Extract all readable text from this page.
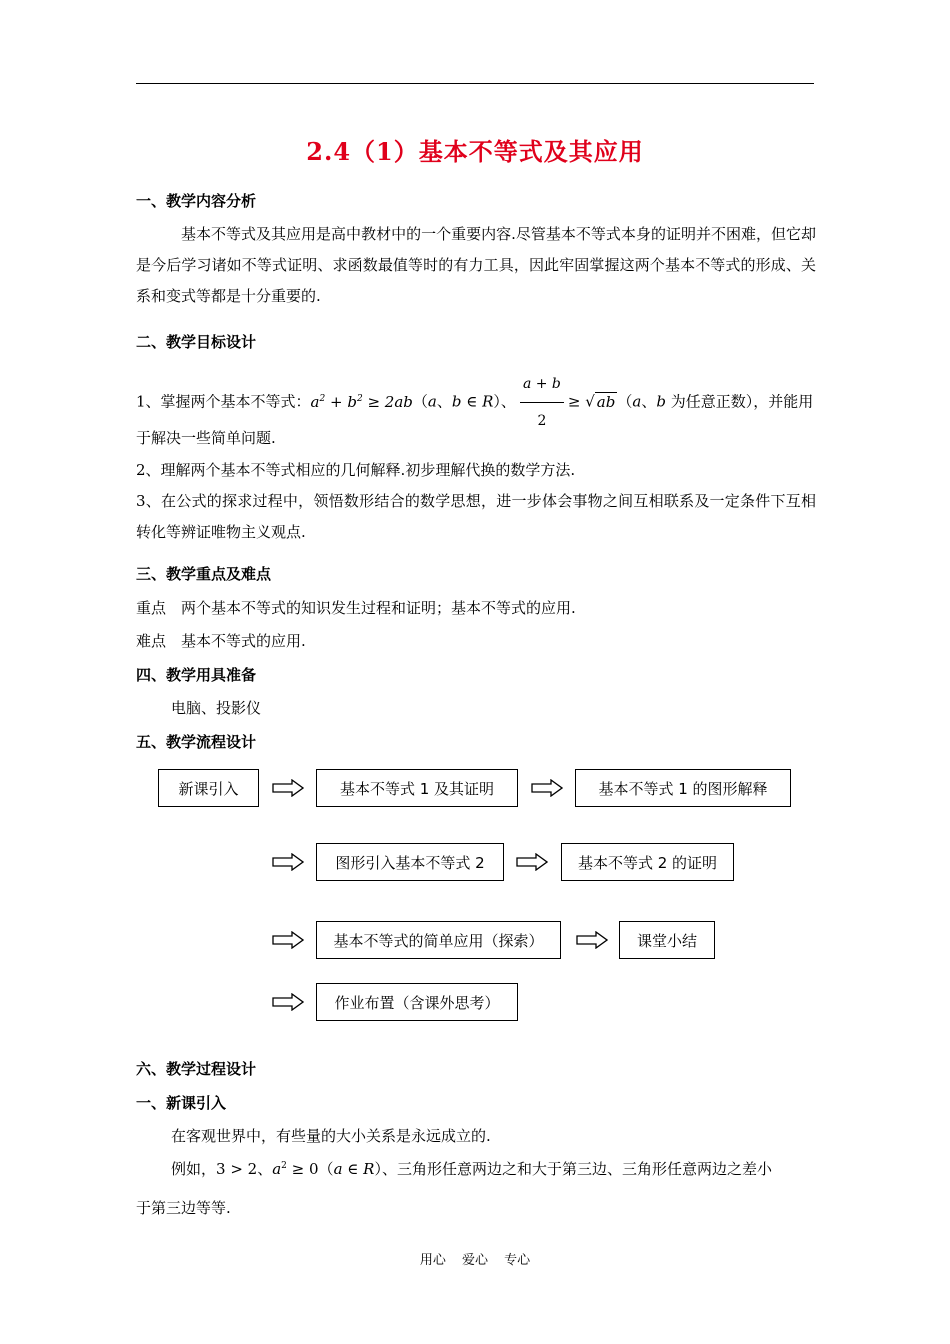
2.4（1）基本不等式及其应用
一、教学内容分析
基本不等式及其应用是高中教材中的一个重要内容.尽管基本不等式本身的证明并不困难，但它却是今后学习诸如不等式证明、求函数最值等时的有力工具，因此牢固掌握这两个基本不等式的形成、关系和变式等都是十分重要的.
二、教学目标设计
1、掌握两个基本不等式：$a^2 + b^2 \ge 2ab(a$、b ∈ R）、 $\frac{a + b}{2}$ ≥ √ ab （a、b 为任意正数），并能用
于解决一些简单问题.
2、理解两个基本不等式相应的几何解释.初步理解代换的数学方法.
3、在公式的探求过程中，领悟数形结合的数学思想，进一步体会事物之间互相联系及一定条件下互相转化等辨证唯物主义观点.
三、教学重点及难点
重点　两个基本不等式的知识发生过程和证明；基本不等式的应用.
难点　基本不等式的应用.
四、教学用具准备
电脑、投影仪
五、教学流程设计
新课引入	基本不等式 1 及其证明	基本不等式 1 的图形解释
图形引入基本不等式 2	基本不等式 2 的证明
基本不等式的简单应用（探索）	课堂小结
作业布置（含课外思考）
六、教学过程设计
一、新课引入
在客观世界中，有些量的大小关系是永远成立的.
例如，3 > 2、$a^2 \ge 0(a$ ∈ R）、三角形任意两边之和大于第三边、三角形任意两边之差小
于第三边等等.
用心 爱心 专心
